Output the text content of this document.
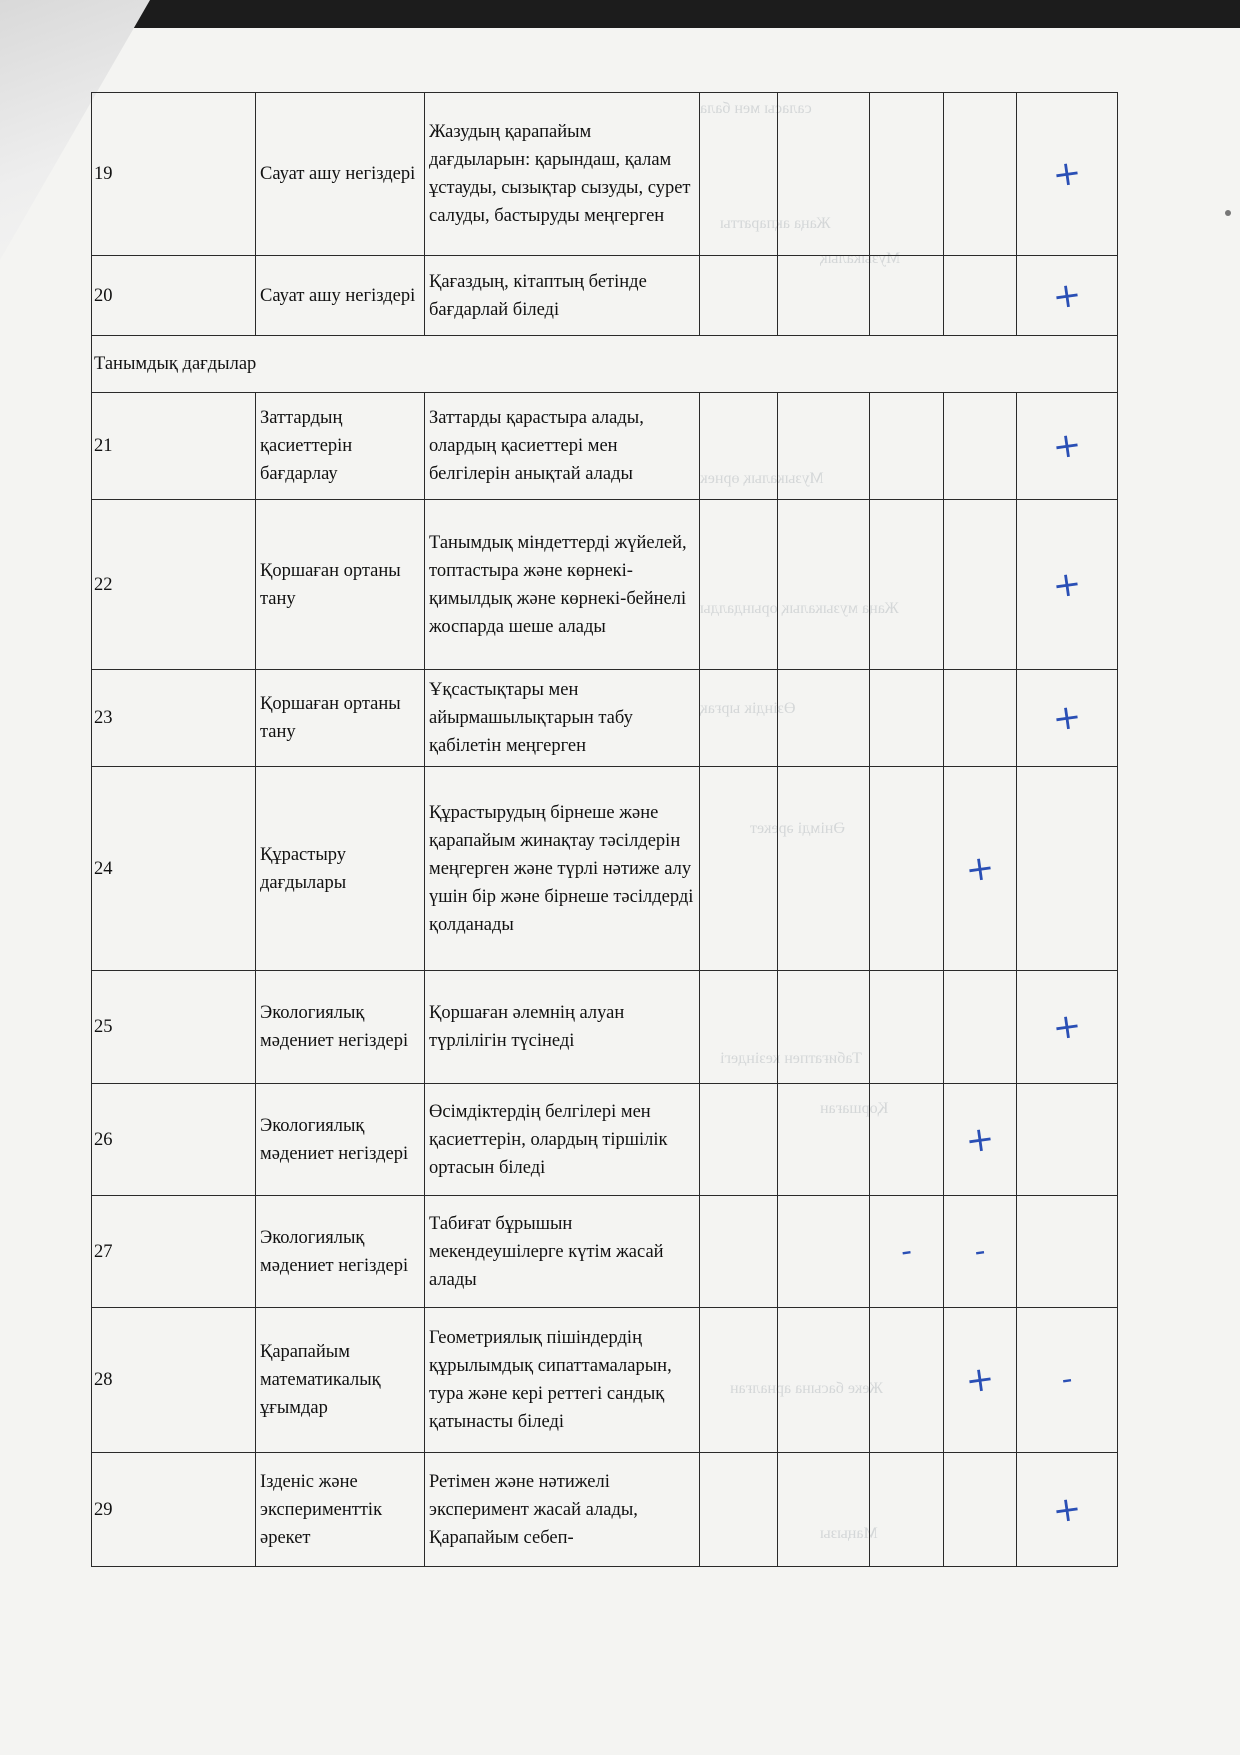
саласы мен бала
Жаңа ақпаратты
Музыкалық
Музыкалық өрнек
Жаңа музыкалық орындалды
Өзіндік ырғақ
Әнімді әрекет
Табиғатпен кезіндегі
Қоршаған
Жеке басына арналған
Маңызы
19	Сауат ашу негіздері	Жазудың қарапайым дағдыларын: қарындаш, қалам ұстауды, сызықтар сызуды, сурет салуды, бастыруды меңгерген					+

20	Сауат ашу негіздері	Қағаздың, кітаптың бетінде бағдарлай біледі					+

Танымдық дағдылар							
21	Заттардың қасиеттерін бағдарлау	Заттарды қарастыра алады, олардың қасиеттері мен белгілерін анықтай алады					+

22	Қоршаған ортаны тану	Танымдық міндеттерді жүйелей, топтастыра және көрнекі-қимылдық және көрнекі-бейнелі жоспарда шеше алады					+

23	Қоршаған ортаны тану	Ұқсастықтары мен айырмашылықтарын табу қабілетін меңгерген					+

24	Құрастыру дағдылары	Құрастырудың бірнеше және қарапайым жинақтау тәсілдерін меңгерген және түрлі нәтиже алу үшін бір және бірнеше тәсілдерді қолданады				+	

25	Экологиялық мәдениет негіздері	Қоршаған әлемнің алуан түрлілігін түсінеді					+

26	Экологиялық мәдениет негіздері	Өсімдіктердің белгілері мен қасиеттерін, олардың тіршілік ортасын біледі				+	

27	Экологиялық мәдениет негіздері	Табиғат бұрышын мекендеушілерге күтім жасай алады			-	-	

28	Қарапайым математикалық ұғымдар	Геометриялық пішіндердің құрылымдық сипаттамаларын, тура және кері реттегі сандық қатынасты біледі				+	-

29	Ізденіс және эксперименттік әрекет	Ретімен және нәтижелі эксперимент жасай алады, Қарапайым себеп-					+
